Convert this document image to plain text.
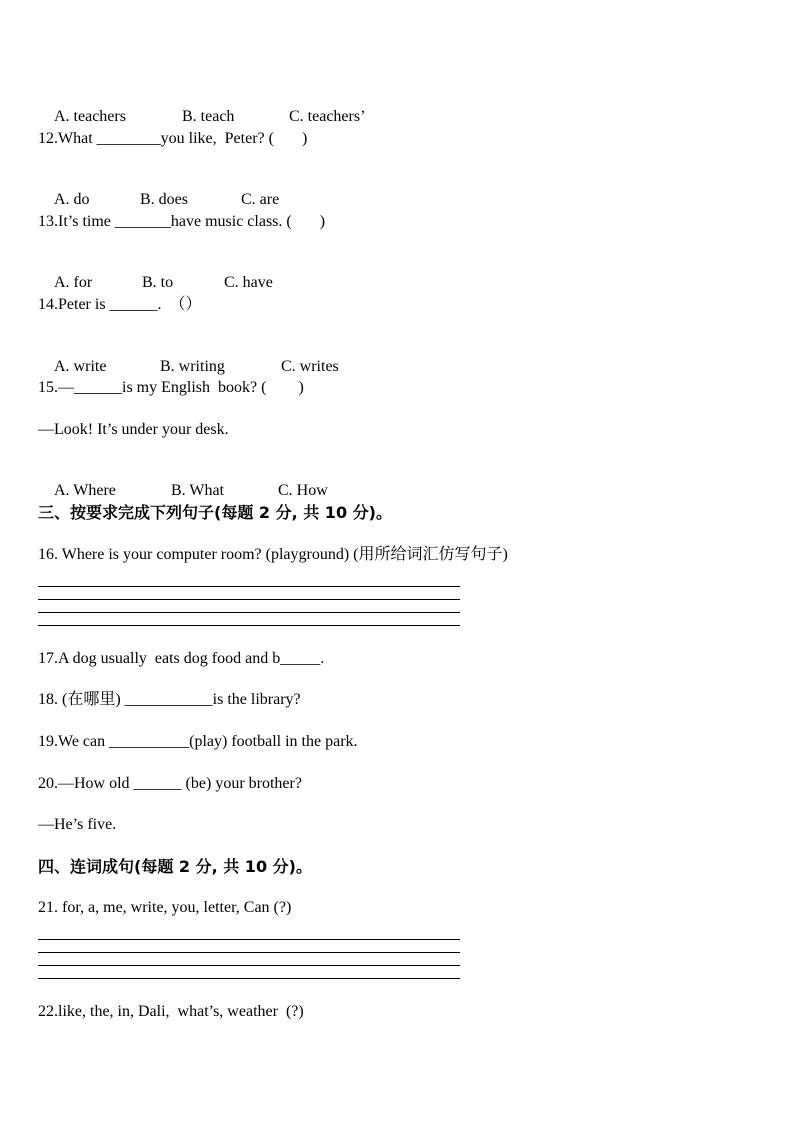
A. teachers	B. teach	C. teachers’

12.What ________you like,  Peter? (       )

A. do	B. does	C. are

13.It’s time _______have music class. (       )

A. for	B. to	C. have

14.Peter is ______.  （）

A. write	B. writing	C. writes

15.—______is my English  book? (        )
—Look! It’s under your desk.

A. Where	B. What	C. How

三、按要求完成下列句子(每题 2 分, 共 10 分)。
16. Where is your computer room? (playground) (用所给词汇仿写句子)
17.A dog usually  eats dog food and b_____.
18. (在哪里) ___________is the library?
19.We can __________(play) football in the park.
20.—How old ______ (be) your brother?
—He’s five.
四、连词成句(每题 2 分, 共 10 分)。
21. for, a, me, write, you, letter, Can (?)
22.like, the, in, Dali,  what’s, weather  (?)
